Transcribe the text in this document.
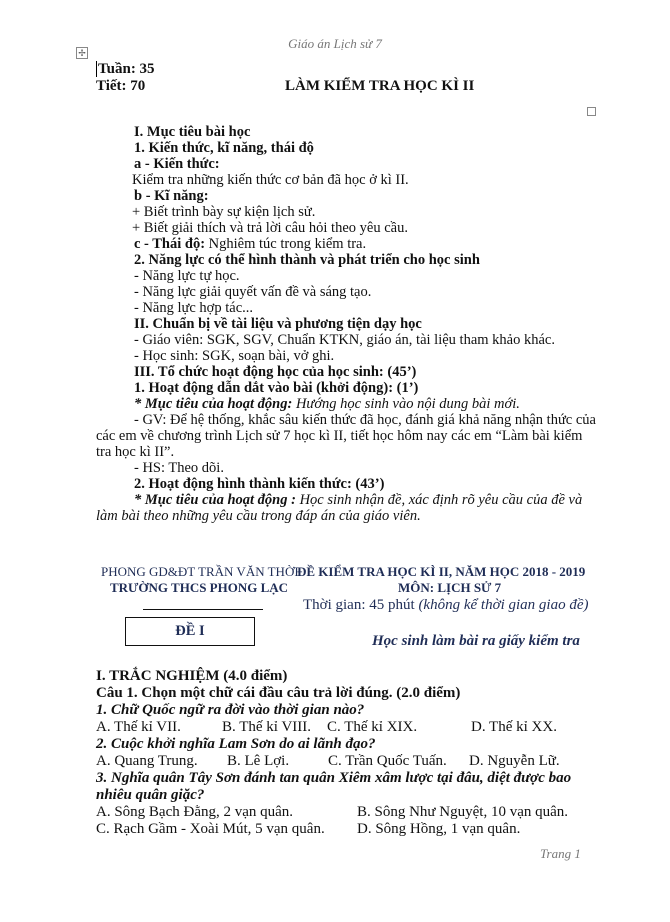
Giáo án Lịch sử 7
✢
Tuần: 35
Tiết: 70	LÀM KIỂM TRA HỌC KÌ II
I. Mục tiêu bài học
1. Kiến thức, kĩ năng, thái độ
a - Kiến thức:
Kiểm tra những kiến thức cơ bản đã học ở kì II.
b - Kĩ năng:
+ Biết trình bày sự kiện lịch sử.
+ Biết giải thích và trả lời câu hỏi theo yêu cầu.
c - Thái độ: Nghiêm túc trong kiểm tra.
2. Năng lực có thể hình thành và phát triển cho học sinh
- Năng lực tự học.
- Năng lực giải quyết vấn đề và sáng tạo.
- Năng lực hợp tác...
II. Chuẩn bị về tài liệu và phương tiện dạy học
- Giáo viên: SGK, SGV, Chuẩn KTKN, giáo án, tài liệu tham khảo khác.
- Học sinh: SGK, soạn bài, vở ghi.
III. Tổ chức hoạt động học của học sinh: (45’)
1. Hoạt động dẫn dắt vào bài (khởi động): (1’)
* Mục tiêu của hoạt động: Hướng học sinh vào nội dung bài mới.
- GV: Để hệ thống, khắc sâu kiến thức đã học, đánh giá khả năng nhận thức của
các em về chương trình Lịch sử 7 học kì II, tiết học hôm nay các em “Làm bài kiểm
tra học kì II”.
- HS: Theo dõi.
2. Hoạt động hình thành kiến thức: (43’)
* Mục tiêu của hoạt động : Học sinh nhận đề, xác định rõ yêu cầu của đề và
làm bài theo những yêu cầu trong đáp án của giáo viên.
PHONG GD&ĐT TRẦN VĂN THỜI
TRƯỜNG THCS PHONG LẠC
ĐỀ KIỂM TRA HỌC KÌ II, NĂM HỌC 2018 - 2019
MÔN: LỊCH SỬ 7
Thời gian: 45 phút (không kể thời gian giao đề)
ĐỀ I
Học sinh làm bài ra giấy kiểm tra
I. TRẮC NGHIỆM (4.0 điểm)
Câu 1. Chọn một chữ cái đầu câu trả lời đúng. (2.0 điểm)
1. Chữ Quốc ngữ ra đời vào thời gian nào?
A. Thế kỉ VII.	B. Thế kỉ VIII. C. Thế kỉ XIX.	D. Thế kỉ XX.
2. Cuộc khởi nghĩa Lam Sơn do ai lãnh đạo?
A. Quang Trung. B. Lê Lợi.	C. Trần Quốc Tuấn. D. Nguyễn Lữ.
3. Nghĩa quân Tây Sơn đánh tan quân Xiêm xâm lược tại đâu, diệt được bao
nhiêu quân giặc?
A. Sông Bạch Đằng, 2 vạn quân.	B. Sông Như Nguyệt, 10 vạn quân.
C. Rạch Gầm - Xoài Mút, 5 vạn quân. D. Sông Hồng, 1 vạn quân.
Trang 1
